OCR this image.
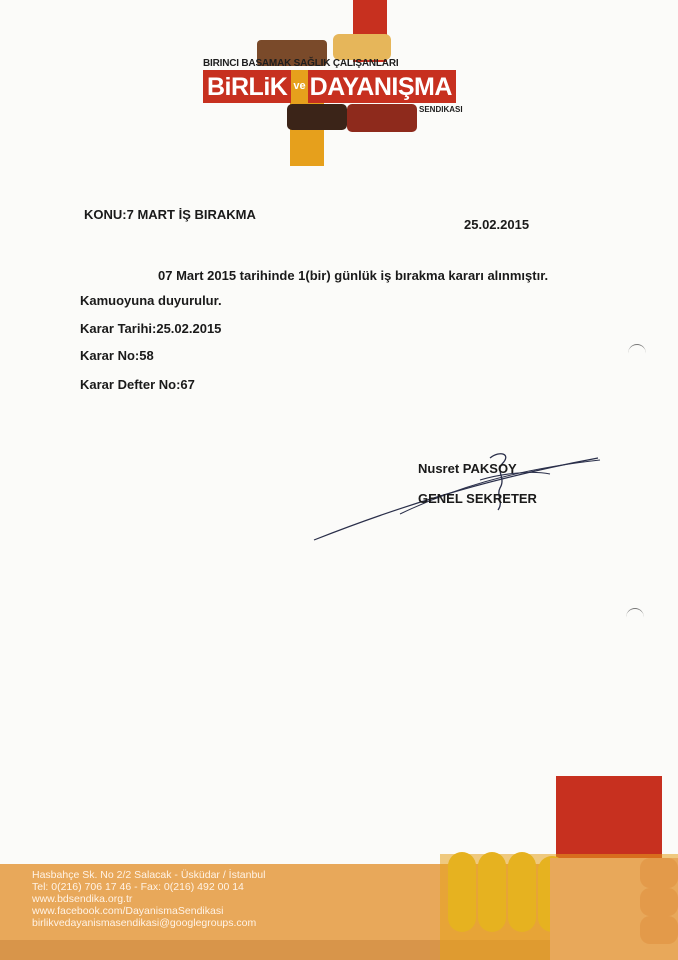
BIRINCI BASAMAK SAĞLIK ÇALIŞANLARI
BiRLiK ve DAYANIŞMA
SENDIKASI
KONU:7 MART İŞ BIRAKMA
25.02.2015
07 Mart 2015 tarihinde 1(bir) günlük iş bırakma kararı alınmıştır.
Kamuoyuna duyurulur.
Karar Tarihi:25.02.2015
Karar No:58
Karar Defter No:67
Nusret PAKSOY
GENEL SEKRETER
Hasbahçe Sk. No 2/2 Salacak - Üsküdar / İstanbul
Tel: 0(216) 706 17 46 - Fax: 0(216) 492 00 14
www.bdsendika.org.tr
www.facebook.com/DayanismaSendikasi
birlikvedayanismasendikasi@googlegroups.com
